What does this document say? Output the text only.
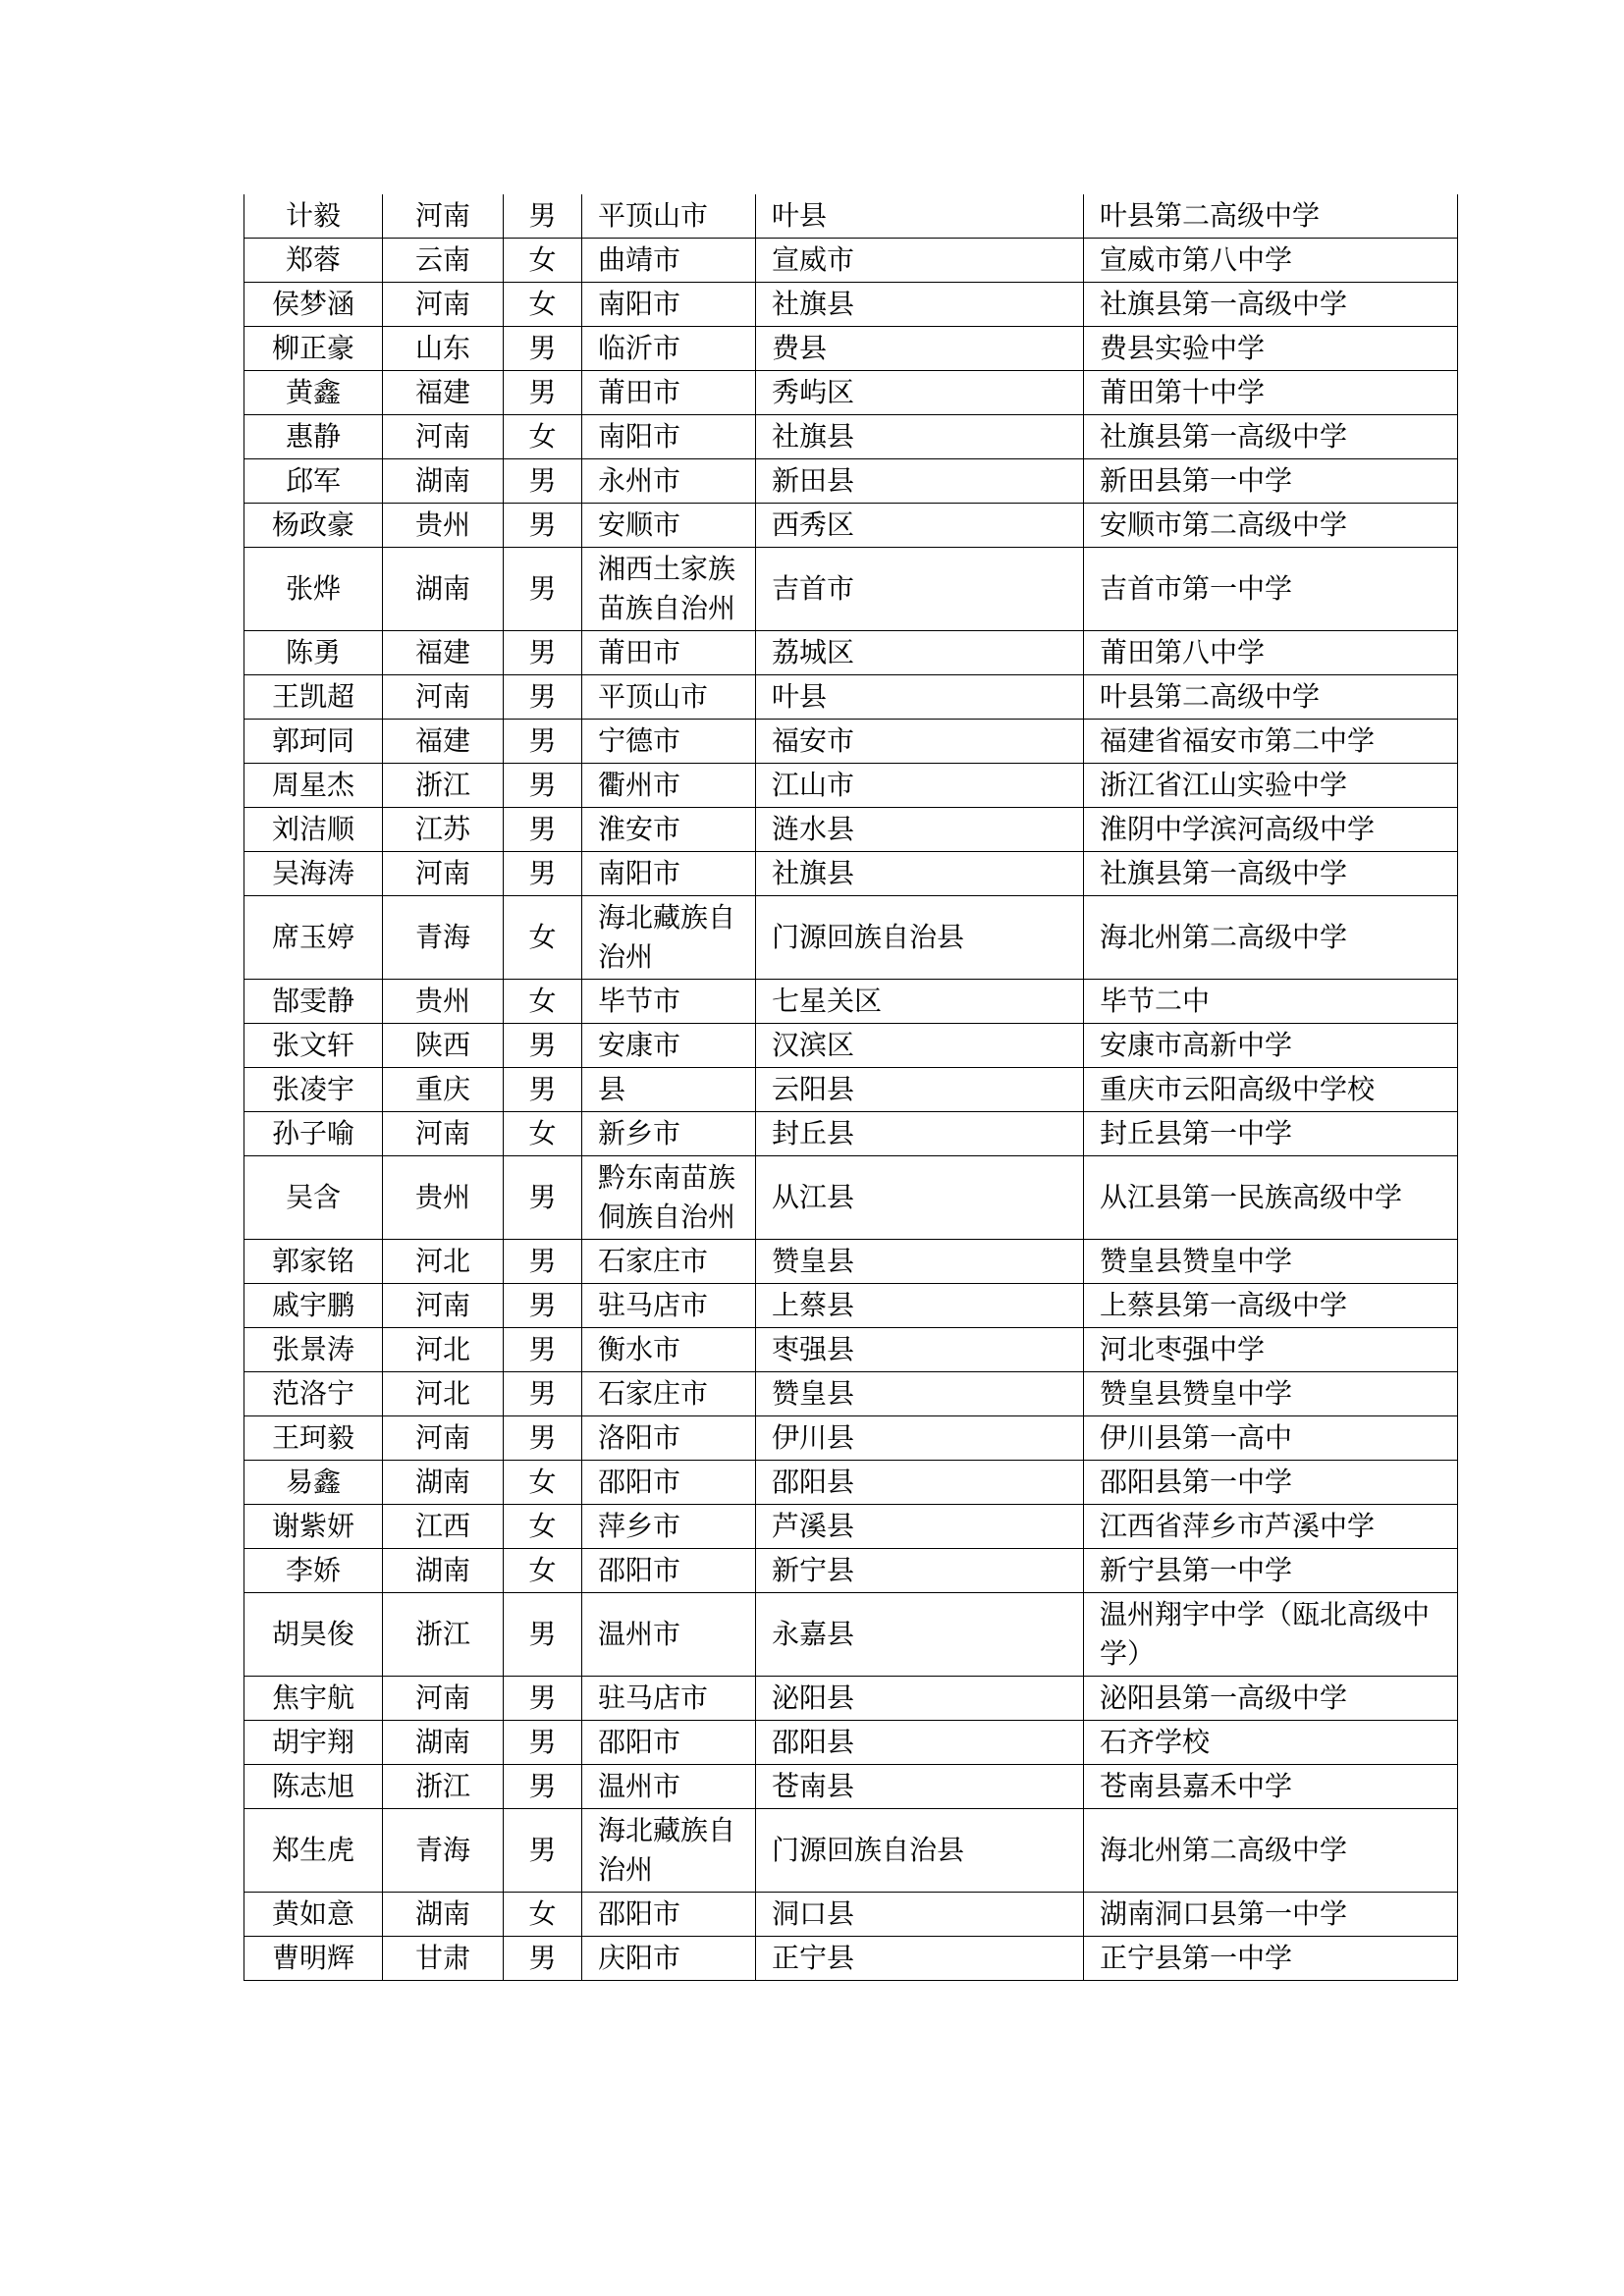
计毅	河南	男	平顶山市	叶县	叶县第二高级中学
郑蓉	云南	女	曲靖市	宣威市	宣威市第八中学
侯梦涵	河南	女	南阳市	社旗县	社旗县第一高级中学
柳正豪	山东	男	临沂市	费县	费县实验中学
黄鑫	福建	男	莆田市	秀屿区	莆田第十中学
惠静	河南	女	南阳市	社旗县	社旗县第一高级中学
邱军	湖南	男	永州市	新田县	新田县第一中学
杨政豪	贵州	男	安顺市	西秀区	安顺市第二高级中学
张烨	湖南	男	湘西土家族苗族自治州	吉首市	吉首市第一中学
陈勇	福建	男	莆田市	荔城区	莆田第八中学
王凯超	河南	男	平顶山市	叶县	叶县第二高级中学
郭珂同	福建	男	宁德市	福安市	福建省福安市第二中学
周星杰	浙江	男	衢州市	江山市	浙江省江山实验中学
刘洁顺	江苏	男	淮安市	涟水县	淮阴中学滨河高级中学
吴海涛	河南	男	南阳市	社旗县	社旗县第一高级中学
席玉婷	青海	女	海北藏族自治州	门源回族自治县	海北州第二高级中学
郜雯静	贵州	女	毕节市	七星关区	毕节二中
张文轩	陕西	男	安康市	汉滨区	安康市高新中学
张凌宇	重庆	男	县	云阳县	重庆市云阳高级中学校
孙子喻	河南	女	新乡市	封丘县	封丘县第一中学
吴含	贵州	男	黔东南苗族侗族自治州	从江县	从江县第一民族高级中学
郭家铭	河北	男	石家庄市	赞皇县	赞皇县赞皇中学
戚宇鹏	河南	男	驻马店市	上蔡县	上蔡县第一高级中学
张景涛	河北	男	衡水市	枣强县	河北枣强中学
范洛宁	河北	男	石家庄市	赞皇县	赞皇县赞皇中学
王珂毅	河南	男	洛阳市	伊川县	伊川县第一高中
易鑫	湖南	女	邵阳市	邵阳县	邵阳县第一中学
谢紫妍	江西	女	萍乡市	芦溪县	江西省萍乡市芦溪中学
李娇	湖南	女	邵阳市	新宁县	新宁县第一中学
胡昊俊	浙江	男	温州市	永嘉县	温州翔宇中学（瓯北高级中学）
焦宇航	河南	男	驻马店市	泌阳县	泌阳县第一高级中学
胡宇翔	湖南	男	邵阳市	邵阳县	石齐学校
陈志旭	浙江	男	温州市	苍南县	苍南县嘉禾中学
郑生虎	青海	男	海北藏族自治州	门源回族自治县	海北州第二高级中学
黄如意	湖南	女	邵阳市	洞口县	湖南洞口县第一中学
曹明辉	甘肃	男	庆阳市	正宁县	正宁县第一中学
